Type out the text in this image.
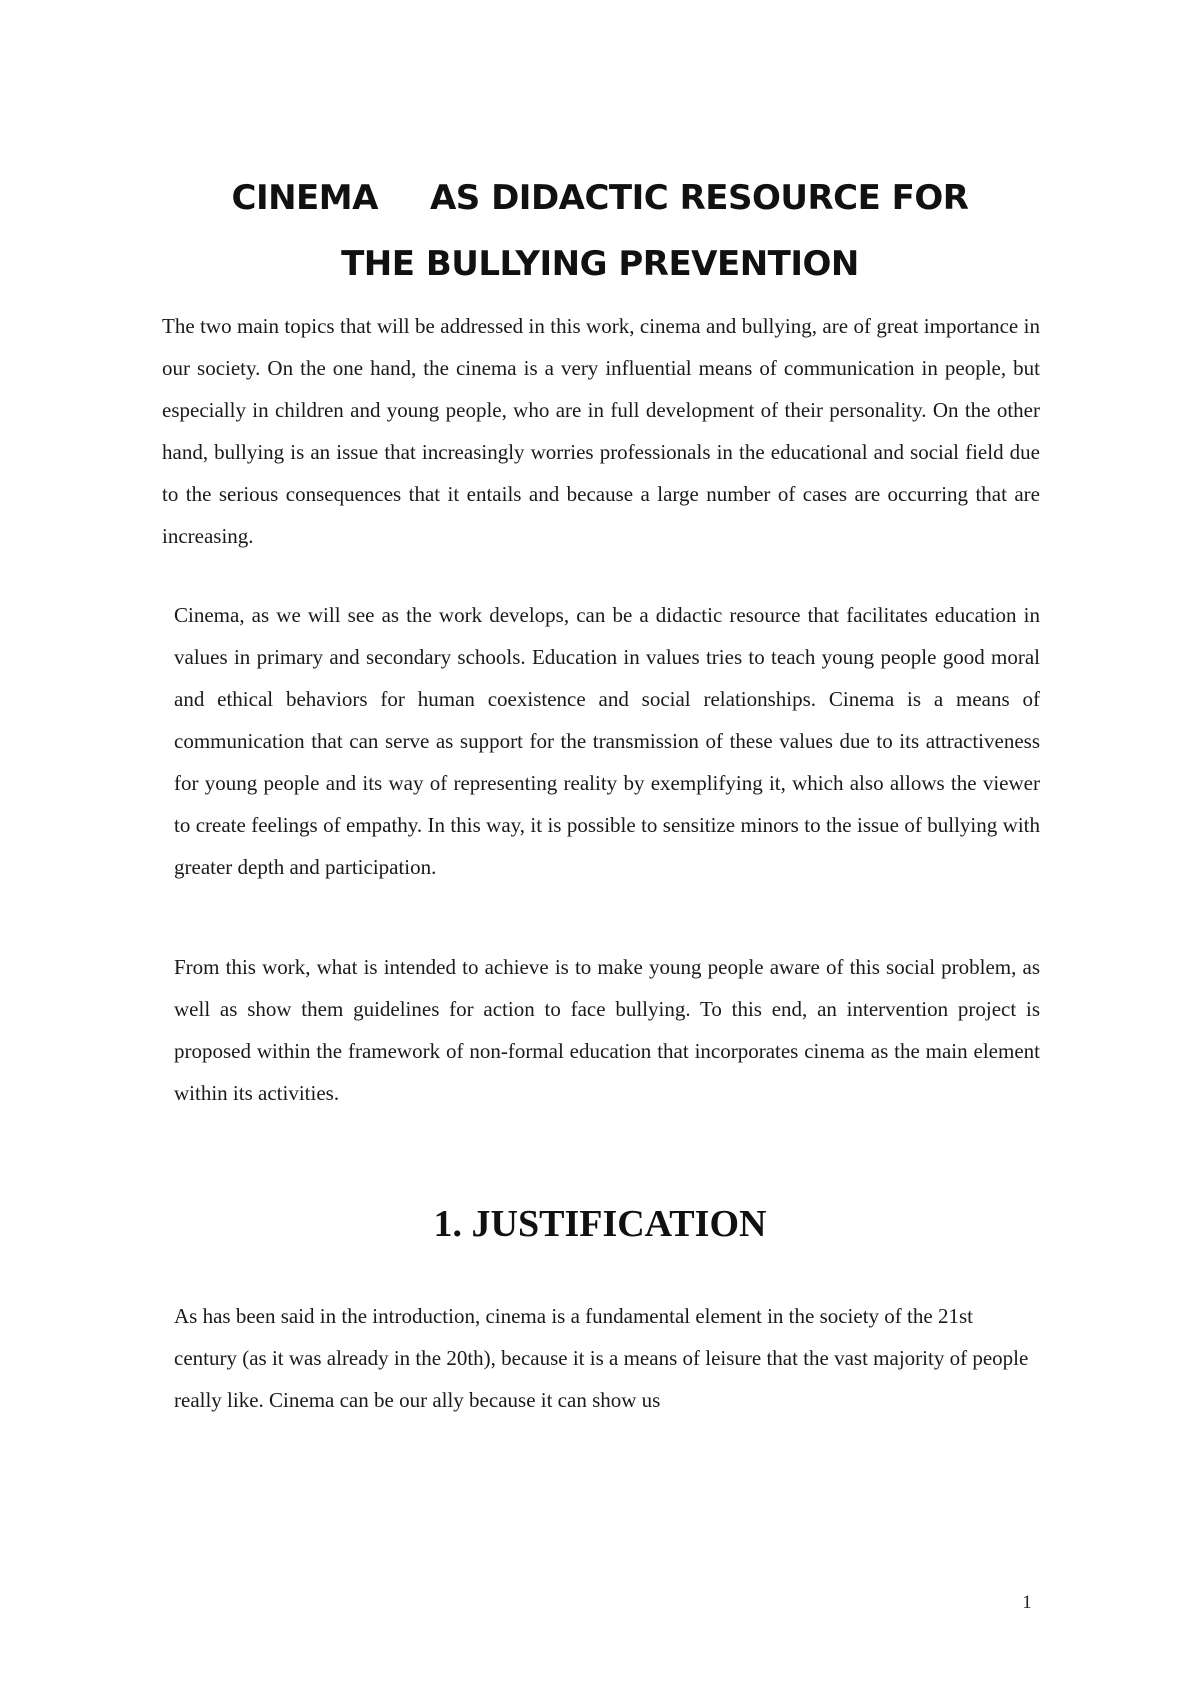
CINEMA AS DIDACTIC RESOURCE FOR
THE BULLYING PREVENTION

The two main topics that will be addressed in this work, cinema and bullying, are of great importance in our society. On the one hand, the cinema is a very influential means of communication in people, but especially in children and young people, who are in full development of their personality. On the other hand, bullying is an issue that increasingly worries professionals in the educational and social field due to the serious consequences that it entails and because a large number of cases are occurring that are increasing.

Cinema, as we will see as the work develops, can be a didactic resource that facilitates education in values in primary and secondary schools. Education in values tries to teach young people good moral and ethical behaviors for human coexistence and social relationships. Cinema is a means of communication that can serve as support for the transmission of these values due to its attractiveness for young people and its way of representing reality by exemplifying it, which also allows the viewer to create feelings of empathy. In this way, it is possible to sensitize minors to the issue of bullying with greater depth and participation.

From this work, what is intended to achieve is to make young people aware of this social problem, as well as show them guidelines for action to face bullying. To this end, an intervention project is proposed within the framework of non-formal education that incorporates cinema as the main element within its activities.

1. JUSTIFICATION

As has been said in the introduction, cinema is a fundamental element in the society of the 21st century (as it was already in the 20th), because it is a means of leisure that the vast majority of people really like. Cinema can be our ally because it can show us

1
